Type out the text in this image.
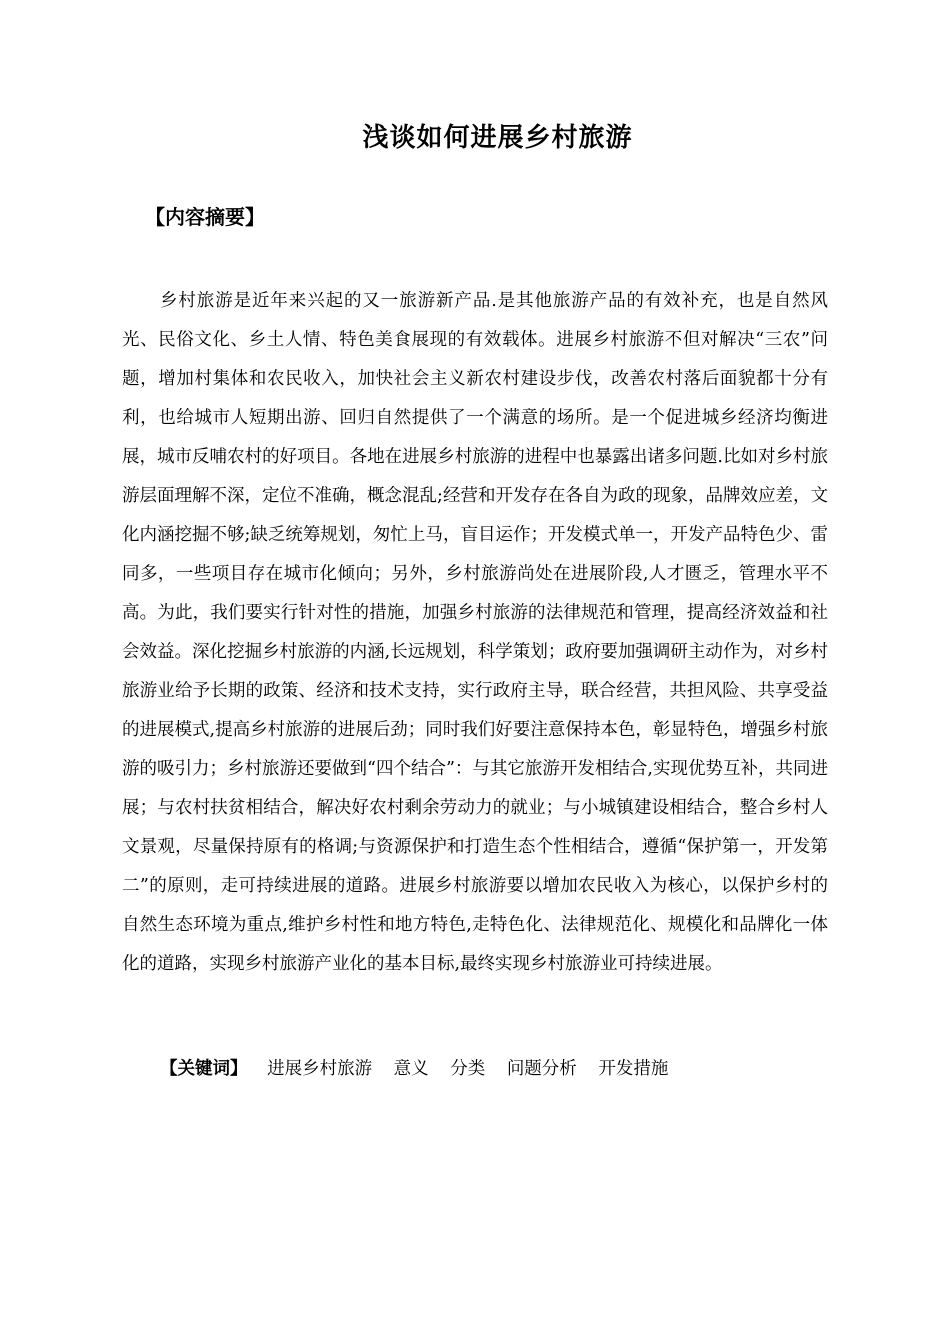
浅谈如何进展乡村旅游
【内容摘要】

乡村旅游是近年来兴起的又一旅游新产品.是其他旅游产品的有效补充，也是自然风光、民俗文化、乡土人情、特色美食展现的有效载体。进展乡村旅游不但对解决“三农”问题，增加村集体和农民收入，加快社会主义新农村建设步伐，改善农村落后面貌都十分有利，也给城市人短期出游、回归自然提供了一个满意的场所。是一个促进城乡经济均衡进展，城市反哺农村的好项目。各地在进展乡村旅游的进程中也暴露出诸多问题.比如对乡村旅游层面理解不深，定位不准确，概念混乱;经营和开发存在各自为政的现象，品牌效应差，文化内涵挖掘不够;缺乏统筹规划，匆忙上马，盲目运作；开发模式单一，开发产品特色少、雷同多，一些项目存在城市化倾向；另外，乡村旅游尚处在进展阶段,人才匮乏，管理水平不高。为此，我们要实行针对性的措施，加强乡村旅游的法律规范和管理，提高经济效益和社会效益。深化挖掘乡村旅游的内涵,长远规划，科学策划；政府要加强调研主动作为，对乡村旅游业给予长期的政策、经济和技术支持，实行政府主导，联合经营，共担风险、共享受益的进展模式,提高乡村旅游的进展后劲；同时我们好要注意保持本色，彰显特色，增强乡村旅游的吸引力；乡村旅游还要做到“四个结合”：与其它旅游开发相结合,实现优势互补，共同进展；与农村扶贫相结合，解决好农村剩余劳动力的就业；与小城镇建设相结合，整合乡村人文景观，尽量保持原有的格调;与资源保护和打造生态个性相结合，遵循“保护第一，开发第二”的原则，走可持续进展的道路。进展乡村旅游要以增加农民收入为核心，以保护乡村的自然生态环境为重点,维护乡村性和地方特色,走特色化、法律规范化、规模化和品牌化一体化的道路，实现乡村旅游产业化的基本目标,最终实现乡村旅游业可持续进展。

【关键词】 进展乡村旅游 意义 分类 问题分析 开发措施
